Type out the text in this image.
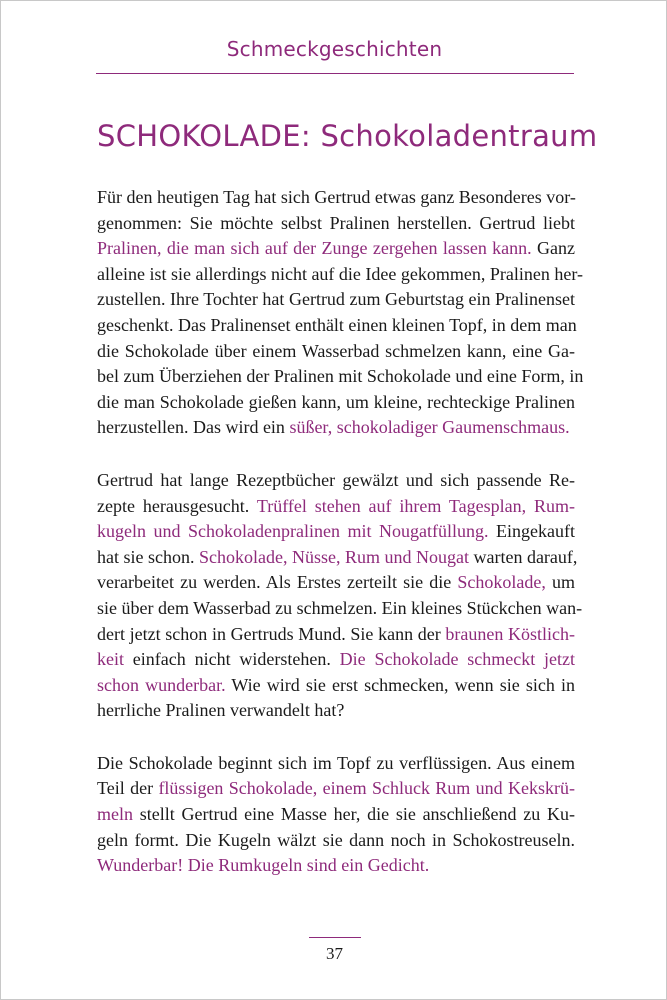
Schmeckgeschichten
SCHOKOLADE: Schokoladentraum
Für den heutigen Tag hat sich Gertrud etwas ganz Besonderes vor-
genommen: Sie möchte selbst Pralinen herstellen. Gertrud liebt
Pralinen, die man sich auf der Zunge zergehen lassen kann. Ganz
alleine ist sie allerdings nicht auf die Idee gekommen, Pralinen her-
zustellen. Ihre Tochter hat Gertrud zum Geburtstag ein Pralinenset
geschenkt. Das Pralinenset enthält einen kleinen Topf, in dem man
die Schokolade über einem Wasserbad schmelzen kann, eine Ga-
bel zum Überziehen der Pralinen mit Schokolade und eine Form, in
die man Schokolade gießen kann, um kleine, rechteckige Pralinen
herzustellen. Das wird ein süßer, schokoladiger Gaumenschmaus.
Gertrud hat lange Rezeptbücher gewälzt und sich passende Re-
zepte herausgesucht. Trüffel stehen auf ihrem Tagesplan, Rum-
kugeln und Schokoladenpralinen mit Nougatfüllung. Eingekauft
hat sie schon. Schokolade, Nüsse, Rum und Nougat warten darauf,
verarbeitet zu werden. Als Erstes zerteilt sie die Schokolade, um
sie über dem Wasserbad zu schmelzen. Ein kleines Stückchen wan-
dert jetzt schon in Gertruds Mund. Sie kann der braunen Köstlich-
keit einfach nicht widerstehen. Die Schokolade schmeckt jetzt
schon wunderbar. Wie wird sie erst schmecken, wenn sie sich in
herrliche Pralinen verwandelt hat?
Die Schokolade beginnt sich im Topf zu verflüssigen. Aus einem
Teil der flüssigen Schokolade, einem Schluck Rum und Kekskrü-
meln stellt Gertrud eine Masse her, die sie anschließend zu Ku-
geln formt. Die Kugeln wälzt sie dann noch in Schokostreuseln.
Wunderbar! Die Rumkugeln sind ein Gedicht.
37
